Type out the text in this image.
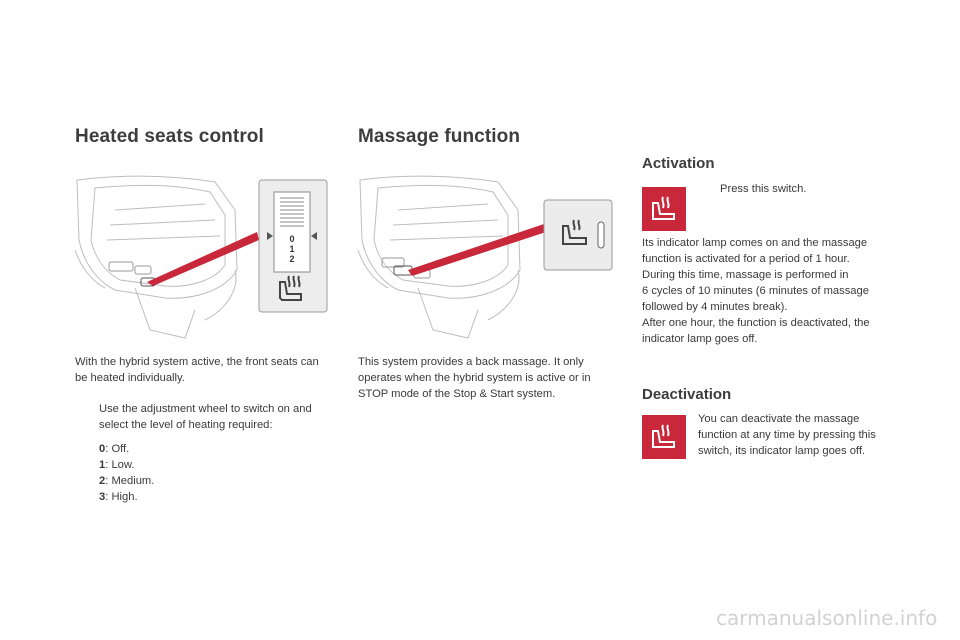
Heated seats control
0
1
2
With the hybrid system active, the front seats can be heated individually.
Use the adjustment wheel to switch on and select the level of heating required:
0: Off.
1: Low.
2: Medium.
3: High.
Massage function
This system provides a back massage. It only operates when the hybrid system is active or in STOP mode of the Stop & Start system.
Activation
Press this switch.
Its indicator lamp comes on and the massage
function is activated for a period of 1 hour.
During this time, massage is performed in
6 cycles of 10 minutes (6 minutes of massage
followed by 4 minutes break).
After one hour, the function is deactivated, the
indicator lamp goes off.
Deactivation
You can deactivate the massage
function at any time by pressing this
switch, its indicator lamp goes off.
carmanualsonline.info
